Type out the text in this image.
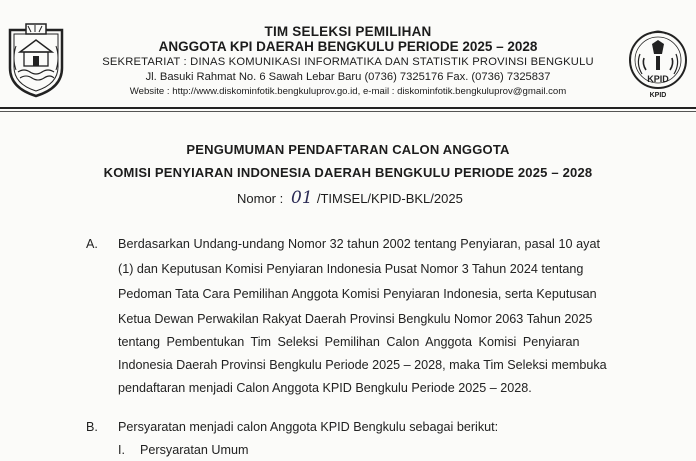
TIM SELEKSI PEMILIHAN
ANGGOTA KPI DAERAH BENGKULU PERIODE 2025 – 2028
SEKRETARIAT : DINAS KOMUNIKASI INFORMATIKA DAN STATISTIK PROVINSI BENGKULU
Jl. Basuki Rahmat No. 6 Sawah Lebar Baru (0736) 7325176 Fax. (0736) 7325837
Website : http://www.diskominfotik.bengkuluprov.go.id, e-mail : diskominfotik.bengkuluprov@gmail.com
KPID
KPID
PENGUMUMAN PENDAFTARAN CALON ANGGOTA
KOMISI PENYIARAN INDONESIA DAERAH BENGKULU PERIODE 2025 – 2028
Nomor : 01 /TIMSEL/KPID-BKL/2025
A. Berdasarkan Undang-undang Nomor 32 tahun 2002 tentang Penyiaran, pasal 10 ayat
(1) dan Keputusan Komisi Penyiaran Indonesia Pusat Nomor 3 Tahun 2024 tentang
Pedoman Tata Cara Pemilihan Anggota Komisi Penyiaran Indonesia, serta Keputusan
Ketua Dewan Perwakilan Rakyat Daerah Provinsi Bengkulu Nomor 2063 Tahun 2025
tentang Pembentukan Tim Seleksi Pemilihan Calon Anggota Komisi Penyiaran
Indonesia Daerah Provinsi Bengkulu Periode 2025 – 2028, maka Tim Seleksi membuka
pendaftaran menjadi Calon Anggota KPID Bengkulu Periode 2025 – 2028.
B. Persyaratan menjadi calon Anggota KPID Bengkulu sebagai berikut:
I. Persyaratan Umum
